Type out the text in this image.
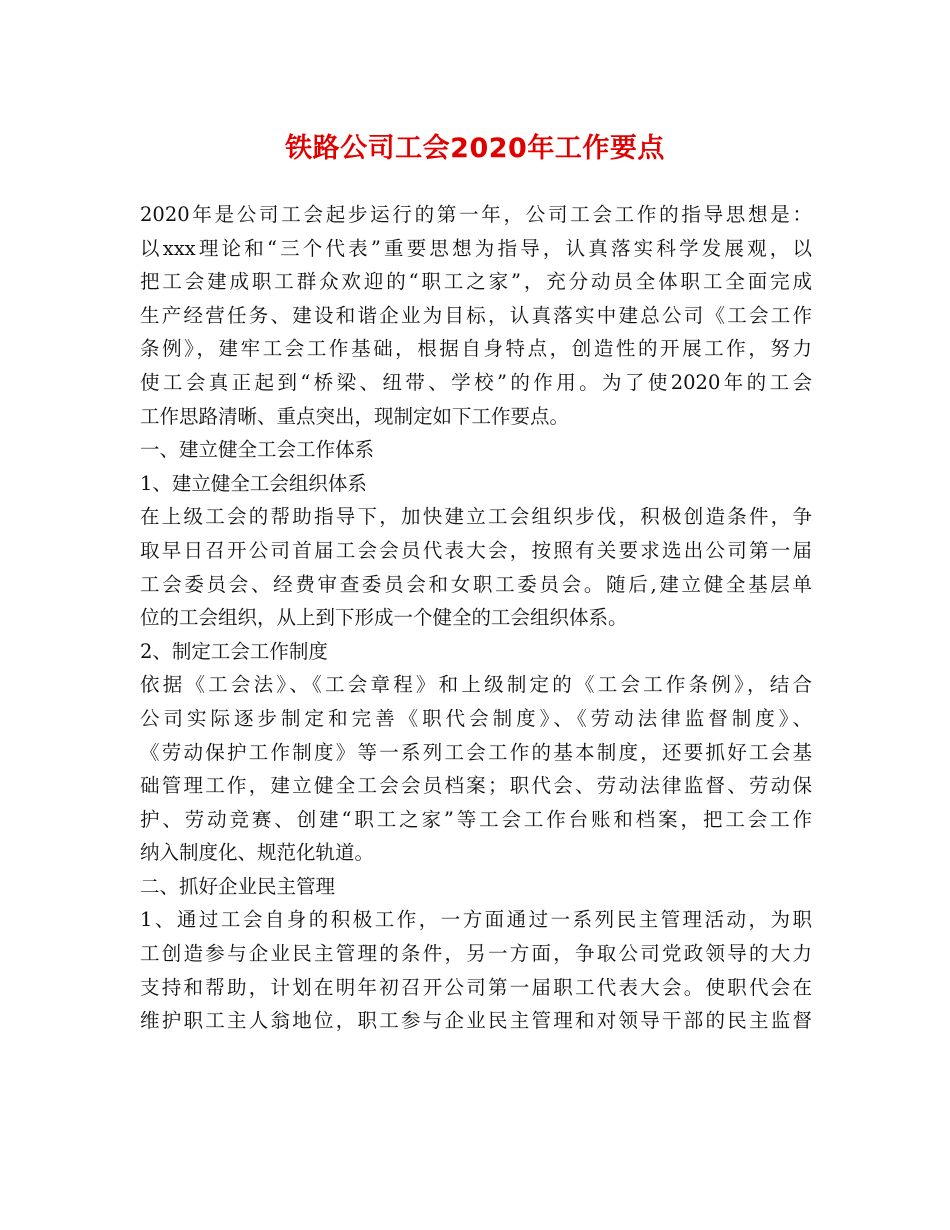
铁路公司工会2020年工作要点
2020年是公司工会起步运行的第一年，公司工会工作的指导思想是：
以xxx理论和“三个代表”重要思想为指导，认真落实科学发展观，以
把工会建成职工群众欢迎的“职工之家”，充分动员全体职工全面完成
生产经营任务、建设和谐企业为目标，认真落实中建总公司《工会工作
条例》，建牢工会工作基础，根据自身特点，创造性的开展工作，努力
使工会真正起到“桥梁、纽带、学校”的作用。为了使2020年的工会
工作思路清晰、重点突出，现制定如下工作要点。
一、建立健全工会工作体系
1、建立健全工会组织体系
在上级工会的帮助指导下，加快建立工会组织步伐，积极创造条件，争
取早日召开公司首届工会会员代表大会，按照有关要求选出公司第一届
工会委员会、经费审查委员会和女职工委员会。随后,建立健全基层单
位的工会组织，从上到下形成一个健全的工会组织体系。
2、制定工会工作制度
依据《工会法》、《工会章程》和上级制定的《工会工作条例》，结合
公司实际逐步制定和完善《职代会制度》、《劳动法律监督制度》、
《劳动保护工作制度》等一系列工会工作的基本制度，还要抓好工会基
础管理工作，建立健全工会会员档案；职代会、劳动法律监督、劳动保
护、劳动竞赛、创建“职工之家”等工会工作台账和档案，把工会工作
纳入制度化、规范化轨道。
二、抓好企业民主管理
1、通过工会自身的积极工作，一方面通过一系列民主管理活动，为职
工创造参与企业民主管理的条件，另一方面，争取公司党政领导的大力
支持和帮助，计划在明年初召开公司第一届职工代表大会。使职代会在
维护职工主人翁地位，职工参与企业民主管理和对领导干部的民主监督
